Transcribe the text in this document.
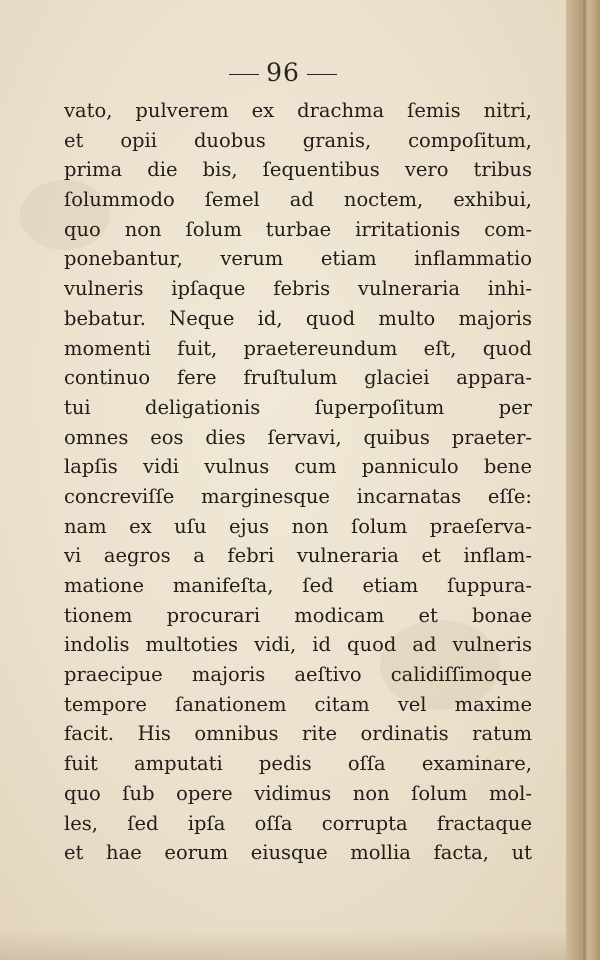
96
vato, pulverem ex drachma ſemis nitri,
et opii duobus granis, compoſitum,
prima die bis, ſequentibus vero tribus
ſolummodo ſemel ad noctem, exhibui,
quo non ſolum turbae irritationis com-
ponebantur, verum etiam inflammatio
vulneris ipſaque febris vulneraria inhi-
bebatur. Neque id, quod multo majoris
momenti fuit, praetereundum eſt, quod
continuo fere fruſtulum glaciei appara-
tui deligationis ſuperpoſitum per
omnes eos dies ſervavi, quibus praeter-
lapſis vidi vulnus cum panniculo bene
concreviſſe marginesque incarnatas eſſe:
nam ex uſu ejus non ſolum praeſerva-
vi aegros a febri vulneraria et inflam-
matione manifeſta, ſed etiam ſuppura-
tionem procurari modicam et bonae
indolis multoties vidi, id quod ad vulneris
praecipue majoris aeſtivo calidiſſimoque
tempore ſanationem citam vel maxime
facit. His omnibus rite ordinatis ratum
fuit amputati pedis oſſa examinare,
quo ſub opere vidimus non ſolum mol-
les, ſed ipſa oſſa corrupta fractaque
et hae eorum eiusque mollia facta, ut
